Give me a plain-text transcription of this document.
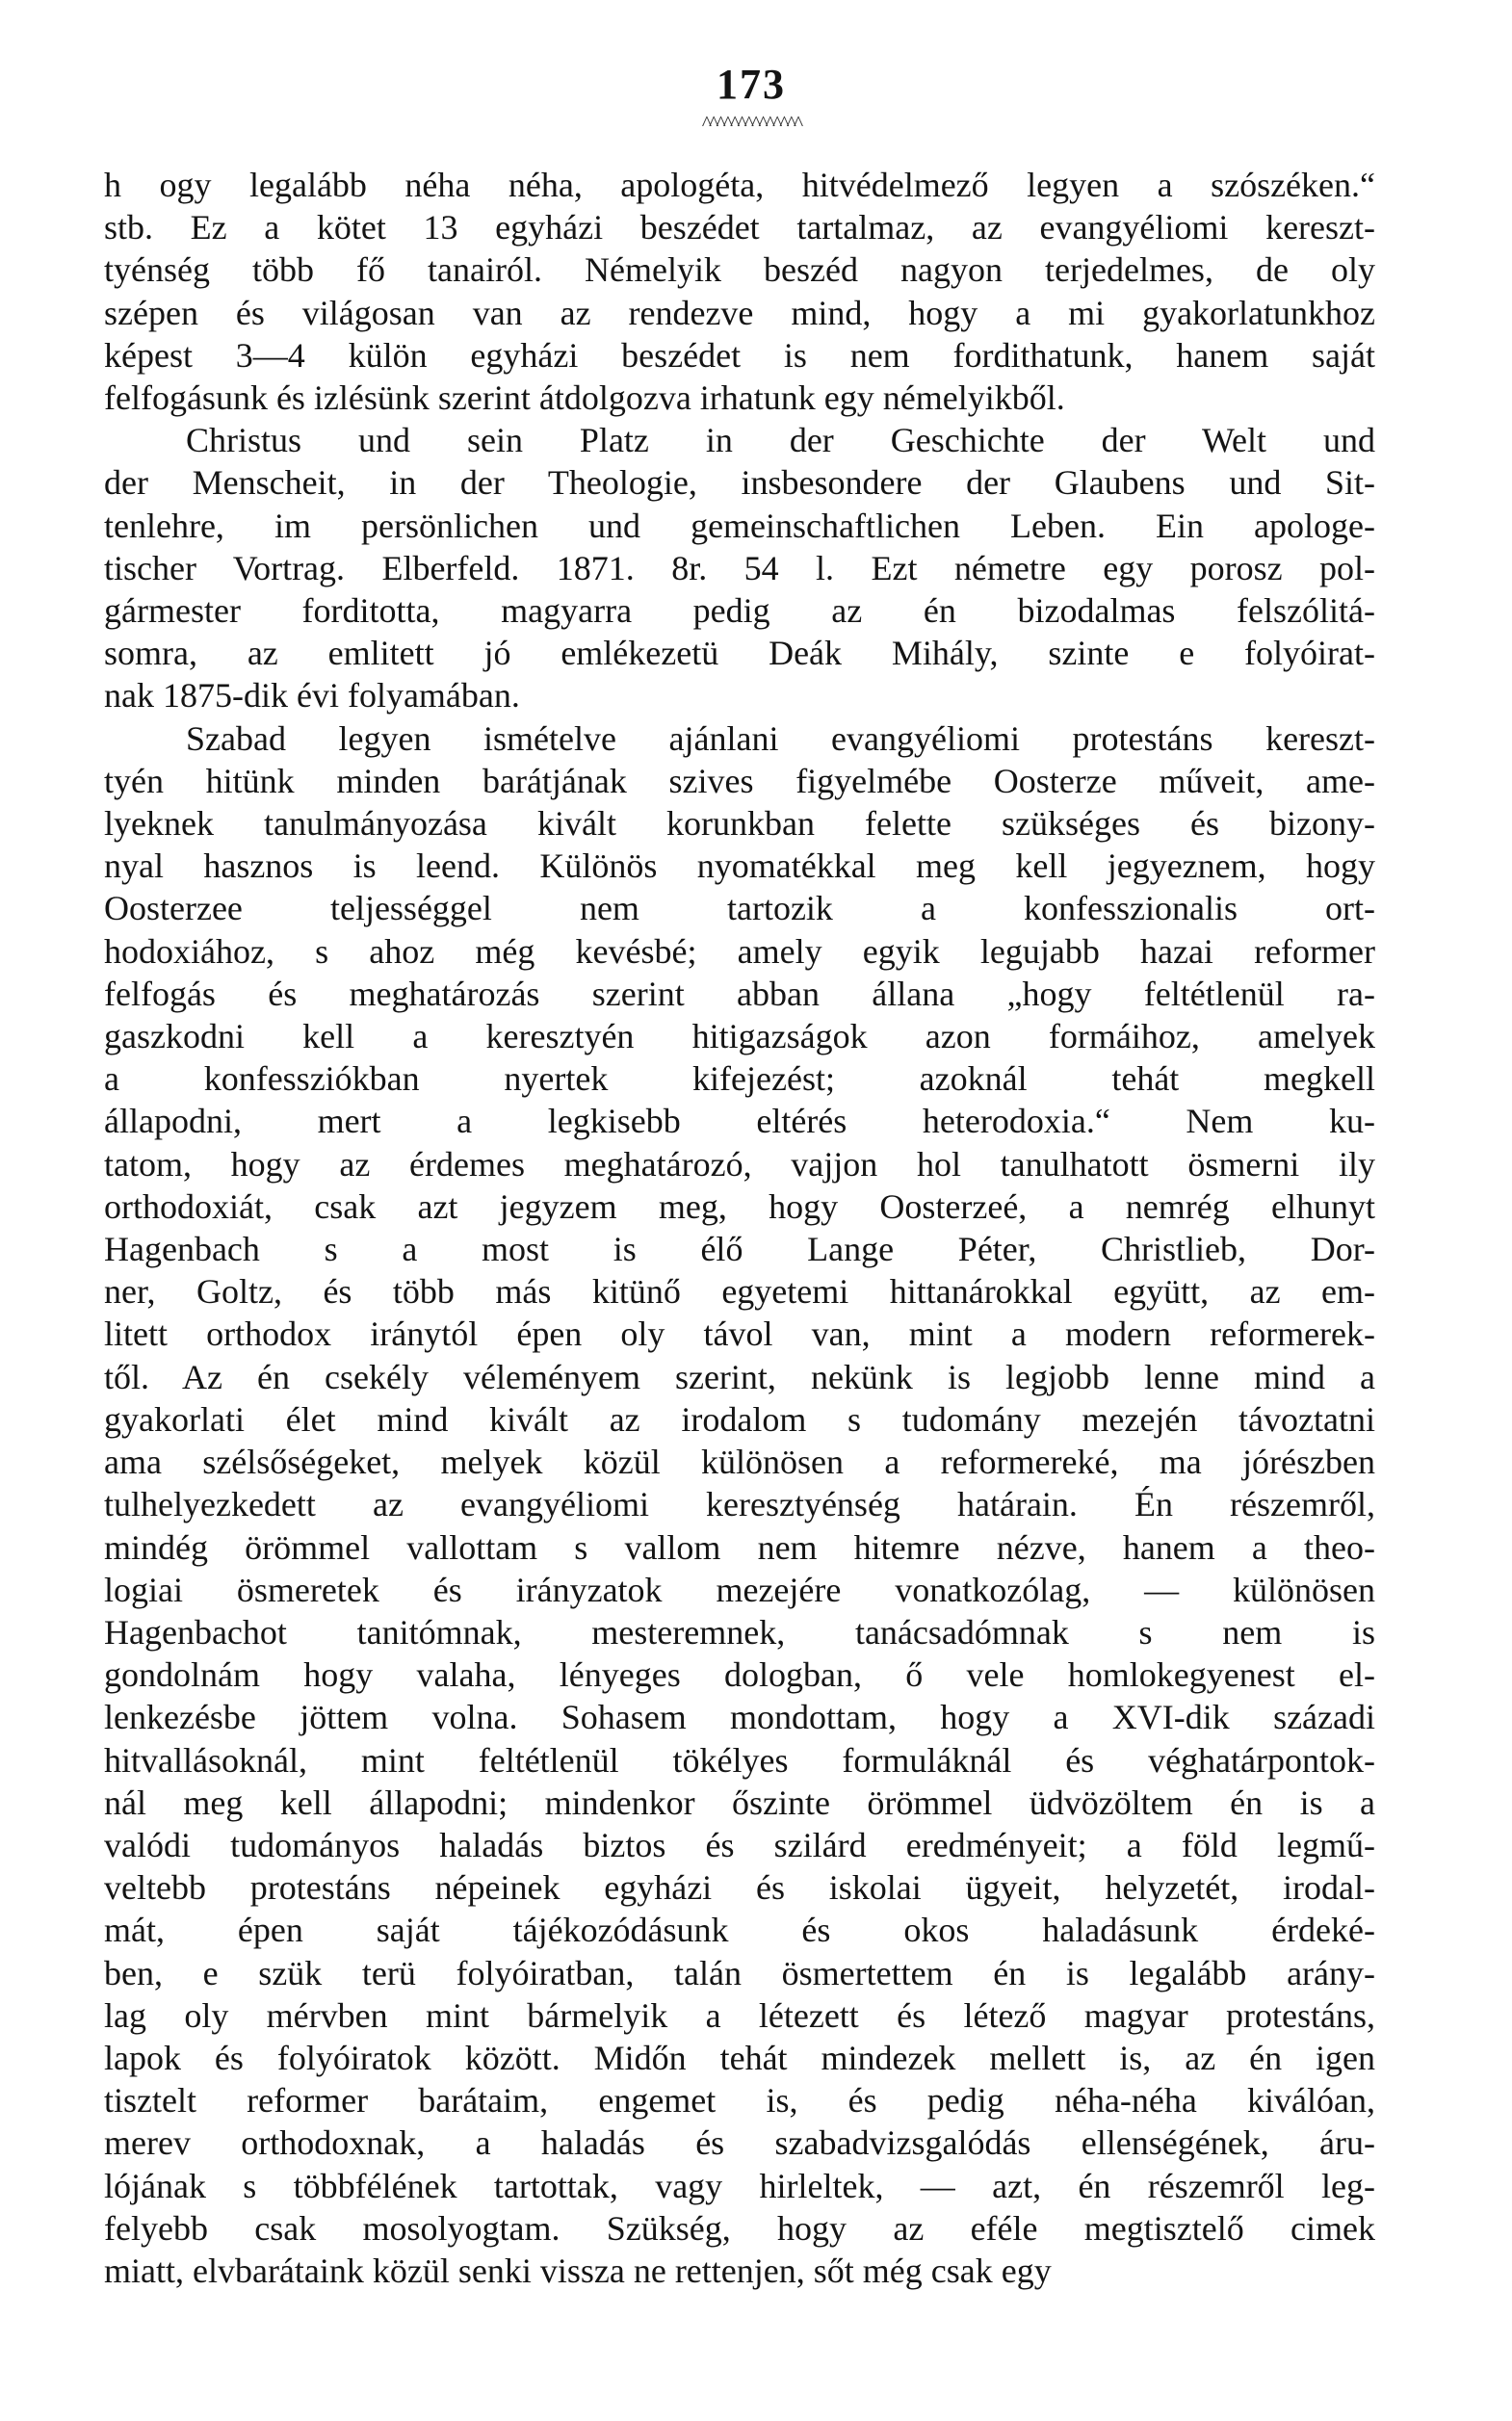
173
^^^^^^^^^^^^^^
h ogy legalább néha néha, apologéta, hitvédelmező legyen a szószéken.“
stb. Ez a kötet 13 egyházi beszédet tartalmaz, az evangyéliomi kereszt-
tyénség több fő tanairól. Némelyik beszéd nagyon terjedelmes, de oly
szépen és világosan van az rendezve mind, hogy a mi gyakorlatunkhoz
képest 3—4 külön egyházi beszédet is nem fordithatunk, hanem saját
felfogásunk és izlésünk szerint átdolgozva irhatunk egy némelyikből.
Christus und sein Platz in der Geschichte der Welt und
der Menscheit, in der Theologie, insbesondere der Glaubens und Sit-
tenlehre, im persönlichen und gemeinschaftlichen Leben. Ein apologe-
tischer Vortrag. Elberfeld. 1871. 8r. 54 l. Ezt németre egy porosz pol-
gármester forditotta, magyarra pedig az én bizodalmas felszólitá-
somra, az emlitett jó emlékezetü Deák Mihály, szinte e folyóirat-
nak 1875-dik évi folyamában.
Szabad legyen ismételve ajánlani evangyéliomi protestáns kereszt-
tyén hitünk minden barátjának szives figyelmébe Oosterze műveit, ame-
lyeknek tanulmányozása kivált korunkban felette szükséges és bizony-
nyal hasznos is leend. Különös nyomatékkal meg kell jegyeznem, hogy
Oosterzee teljességgel nem tartozik a konfesszionalis ort-
hodoxiához, s ahoz még kevésbé; amely egyik legujabb hazai reformer
felfogás és meghatározás szerint abban állana „hogy feltétlenül ra-
gaszkodni kell a keresztyén hitigazságok azon formáihoz, amelyek
a konfessziókban nyertek kifejezést; azoknál tehát megkell
állapodni, mert a legkisebb eltérés heterodoxia.“ Nem ku-
tatom, hogy az érdemes meghatározó, vajjon hol tanulhatott ösmerni ily
orthodoxiát, csak azt jegyzem meg, hogy Oosterzeé, a nemrég elhunyt
Hagenbach s a most is élő Lange Péter, Christlieb, Dor-
ner, Goltz, és több más kitünő egyetemi hittanárokkal együtt, az em-
litett orthodox iránytól épen oly távol van, mint a modern reformerek-
től. Az én csekély véleményem szerint, nekünk is legjobb lenne mind a
gyakorlati élet mind kivált az irodalom s tudomány mezején távoztatni
ama szélsőségeket, melyek közül különösen a reformereké, ma jórészben
tulhelyezkedett az evangyéliomi keresztyénség határain. Én részemről,
mindég örömmel vallottam s vallom nem hitemre nézve, hanem a theo-
logiai ösmeretek és irányzatok mezejére vonatkozólag, — különösen
Hagenbachot tanitómnak, mesteremnek, tanácsadómnak s nem is
gondolnám hogy valaha, lényeges dologban, ő vele homlokegyenest el-
lenkezésbe jöttem volna. Sohasem mondottam, hogy a XVI-dik századi
hitvallásoknál, mint feltétlenül tökélyes formuláknál és véghatárpontok-
nál meg kell állapodni; mindenkor őszinte örömmel üdvözöltem én is a
valódi tudományos haladás biztos és szilárd eredményeit; a föld legmű-
veltebb protestáns népeinek egyházi és iskolai ügyeit, helyzetét, irodal-
mát, épen saját tájékozódásunk és okos haladásunk érdeké-
ben, e szük terü folyóiratban, talán ösmertettem én is legalább arány-
lag oly mérvben mint bármelyik a létezett és létező magyar protestáns,
lapok és folyóiratok között. Midőn tehát mindezek mellett is, az én igen
tisztelt reformer barátaim, engemet is, és pedig néha-néha kiválóan,
merev orthodoxnak, a haladás és szabadvizsgalódás ellenségének, áru-
lójának s többfélének tartottak, vagy hirleltek, — azt, én részemről leg-
felyebb csak mosolyogtam. Szükség, hogy az eféle megtisztelő cimek
miatt, elvbarátaink közül senki vissza ne rettenjen, sőt még csak egy
